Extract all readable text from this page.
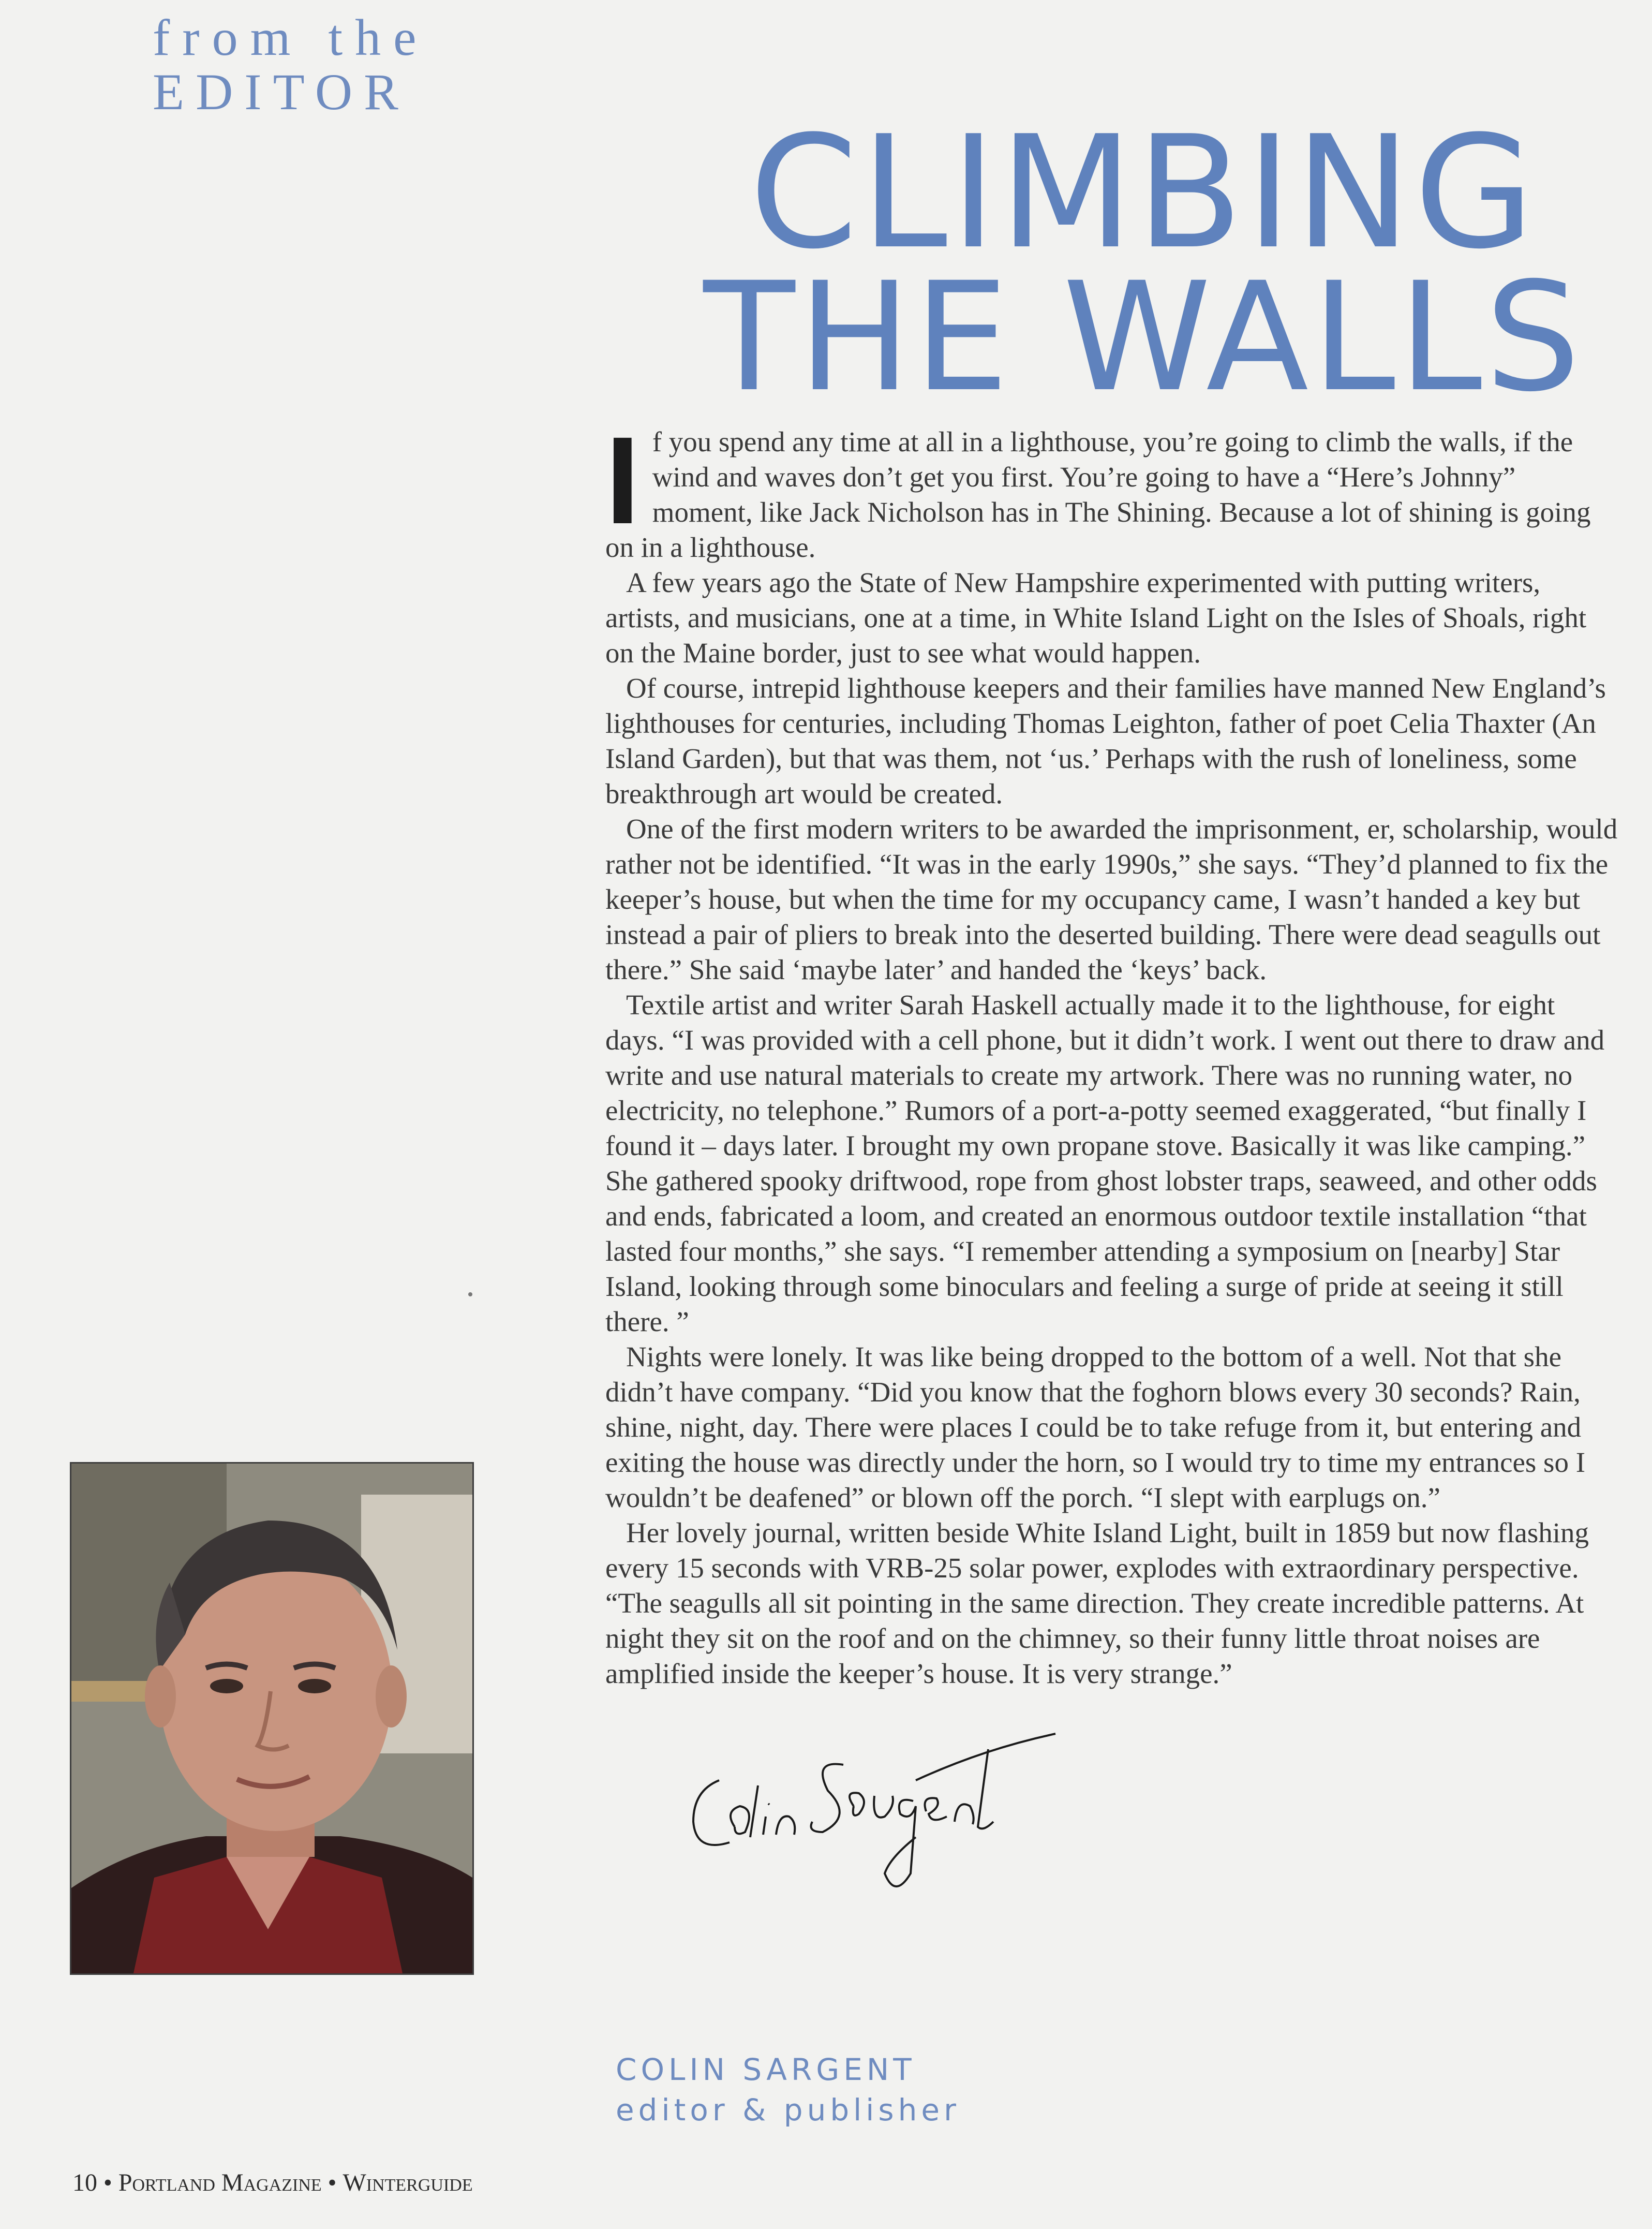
from the
EDITOR
CLIMBING
THE WALLS

If you spend any time at all in a lighthouse, you’re going to climb the walls, if the wind and waves don’t get you first. You’re going to have a “Here’s Johnny” moment, like Jack Nicholson has in The Shining. Because a lot of shining is going on in a lighthouse.

A few years ago the State of New Hampshire experimented with putting writers, artists, and musicians, one at a time, in White Island Light on the Isles of Shoals, right on the Maine border, just to see what would happen.

Of course, intrepid lighthouse keepers and their families have manned New England’s lighthouses for centuries, including Thomas Leighton, father of poet Celia Thaxter (An Island Garden), but that was them, not ‘us.’ Perhaps with the rush of loneliness, some breakthrough art would be created.

One of the first modern writers to be awarded the imprisonment, er, scholarship, would rather not be identified. “It was in the early 1990s,” she says. “They’d planned to fix the keeper’s house, but when the time for my occupancy came, I wasn’t handed a key but instead a pair of pliers to break into the deserted building. There were dead seagulls out there.” She said ‘maybe later’ and handed the ‘keys’ back.

Textile artist and writer Sarah Haskell actually made it to the lighthouse, for eight days. “I was provided with a cell phone, but it didn’t work. I went out there to draw and write and use natural materials to create my artwork. There was no running water, no electricity, no telephone.” Rumors of a port-a-potty seemed exaggerated, “but finally I found it – days later. I brought my own propane stove. Basically it was like camping.” She gathered spooky driftwood, rope from ghost lobster traps, seaweed, and other odds and ends, fabricated a loom, and created an enormous outdoor textile installation “that lasted four months,” she says. “I remember attending a symposium on [nearby] Star Island, looking through some binoculars and feeling a surge of pride at seeing it still there. ”

Nights were lonely. It was like being dropped to the bottom of a well. Not that she didn’t have company. “Did you know that the foghorn blows every 30 seconds? Rain, shine, night, day. There were places I could be to take refuge from it, but entering and exiting the house was directly under the horn, so I would try to time my entrances so I wouldn’t be deafened” or blown off the porch. “I slept with earplugs on.”

Her lovely journal, written beside White Island Light, built in 1859 but now flashing every 15 seconds with VRB-25 solar power, explodes with extraordinary perspective. “The seagulls all sit pointing in the same direction. They create incredible patterns. At night they sit on the roof and on the chimney, so their funny little throat noises are amplified inside the keeper’s house. It is very strange.”

COLIN SARGENT
editor & publisher
10 • Portland Magazine • Winterguide
